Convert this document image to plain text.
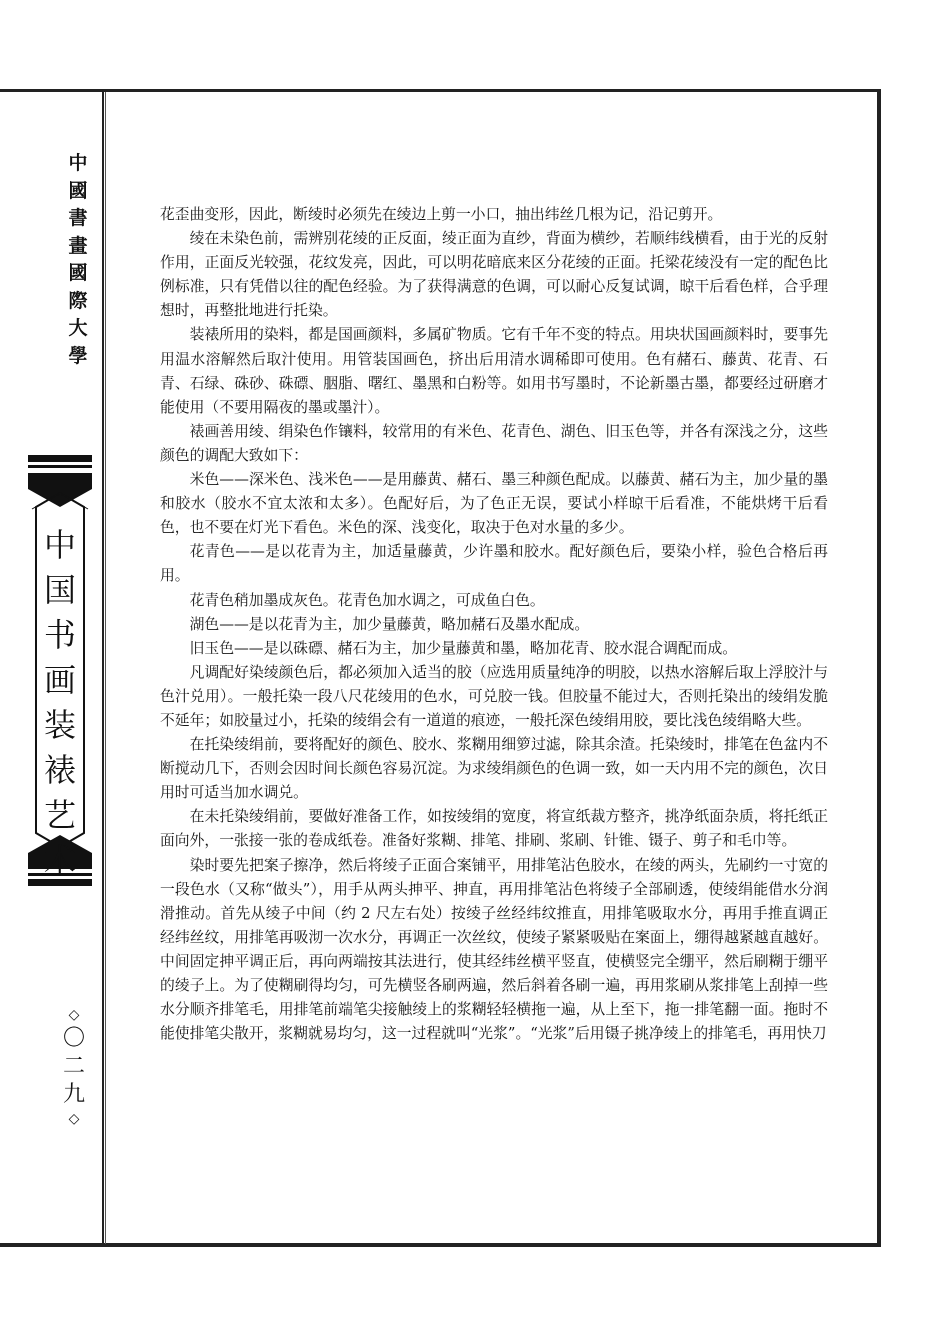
中
國
書
畫
國
際
大
學
中
国
书
画
装
裱
艺
术
◇
〇
二
九
◇

花歪曲变形，因此，断绫时必须先在绫边上剪一小口，抽出纬丝几根为记，沿记剪开。

绫在未染色前，需辨别花绫的正反面，绫正面为直纱，背面为横纱，若顺纬线横看，由于光的反射作用，正面反光较强，花纹发亮，因此，可以明花暗底来区分花绫的正面。托梁花绫没有一定的配色比例标准，只有凭借以往的配色经验。为了获得满意的色调，可以耐心反复试调，晾干后看色样，合乎理想时，再整批地进行托染。

装裱所用的染料，都是国画颜料，多属矿物质。它有千年不变的特点。用块状国画颜料时，要事先用温水溶解然后取汁使用。用管装国画色，挤出后用清水调稀即可使用。色有赭石、藤黄、花青、石青、石绿、硃砂、硃磦、胭脂、曙红、墨黑和白粉等。如用书写墨时，不论新墨古墨，都要经过研磨才能使用（不要用隔夜的墨或墨汁）。

裱画善用绫、绢染色作镶料，较常用的有米色、花青色、湖色、旧玉色等，并各有深浅之分，这些颜色的调配大致如下：

米色——深米色、浅米色——是用藤黄、赭石、墨三种颜色配成。以藤黄、赭石为主，加少量的墨和胶水（胶水不宜太浓和太多）。色配好后，为了色正无误，要试小样晾干后看准，不能烘烤干后看色，也不要在灯光下看色。米色的深、浅变化，取决于色对水量的多少。

花青色——是以花青为主，加适量藤黄，少许墨和胶水。配好颜色后，要染小样，验色合格后再用。

花青色稍加墨成灰色。花青色加水调之，可成鱼白色。

湖色——是以花青为主，加少量藤黄，略加赭石及墨水配成。

旧玉色——是以硃磦、赭石为主，加少量藤黄和墨，略加花青、胶水混合调配而成。

凡调配好染绫颜色后，都必须加入适当的胶（应选用质量纯净的明胶，以热水溶解后取上浮胶汁与色汁兑用）。一般托染一段八尺花绫用的色水，可兑胶一钱。但胶量不能过大，否则托染出的绫绢发脆不延年；如胶量过小，托染的绫绢会有一道道的痕迹，一般托深色绫绢用胶，要比浅色绫绢略大些。

在托染绫绢前，要将配好的颜色、胶水、浆糊用细箩过滤，除其余渣。托染绫时，排笔在色盆内不断搅动几下，否则会因时间长颜色容易沉淀。为求绫绢颜色的色调一致，如一天内用不完的颜色，次日用时可适当加水调兑。

在未托染绫绢前，要做好准备工作，如按绫绢的宽度，将宣纸裁方整齐，挑净纸面杂质，将托纸正面向外，一张接一张的卷成纸卷。准备好浆糊、排笔、排刷、浆刷、针锥、镊子、剪子和毛巾等。

染时要先把案子擦净，然后将绫子正面合案铺平，用排笔沾色胶水，在绫的两头，先刷约一寸宽的一段色水（又称“做头”），用手从两头抻平、抻直，再用排笔沾色将绫子全部刷透，使绫绢能借水分润滑推动。首先从绫子中间（约 2 尺左右处）按绫子丝经纬纹推直，用排笔吸取水分，再用手推直调正经纬丝纹，用排笔再吸沏一次水分，再调正一次丝纹，使绫子紧紧吸贴在案面上，绷得越紧越直越好。中间固定抻平调正后，再向两端按其法进行，使其经纬丝横平竖直，使横竖完全绷平，然后刷糊于绷平的绫子上。为了使糊刷得均匀，可先横竖各刷两遍，然后斜着各刷一遍，再用浆刷从浆排笔上刮掉一些水分顺齐排笔毛，用排笔前端笔尖接触绫上的浆糊轻轻横拖一遍，从上至下，拖一排笔翻一面。拖时不能使排笔尖散开，浆糊就易均匀，这一过程就叫“光浆”。“光浆”后用镊子挑净绫上的排笔毛，再用快刀
